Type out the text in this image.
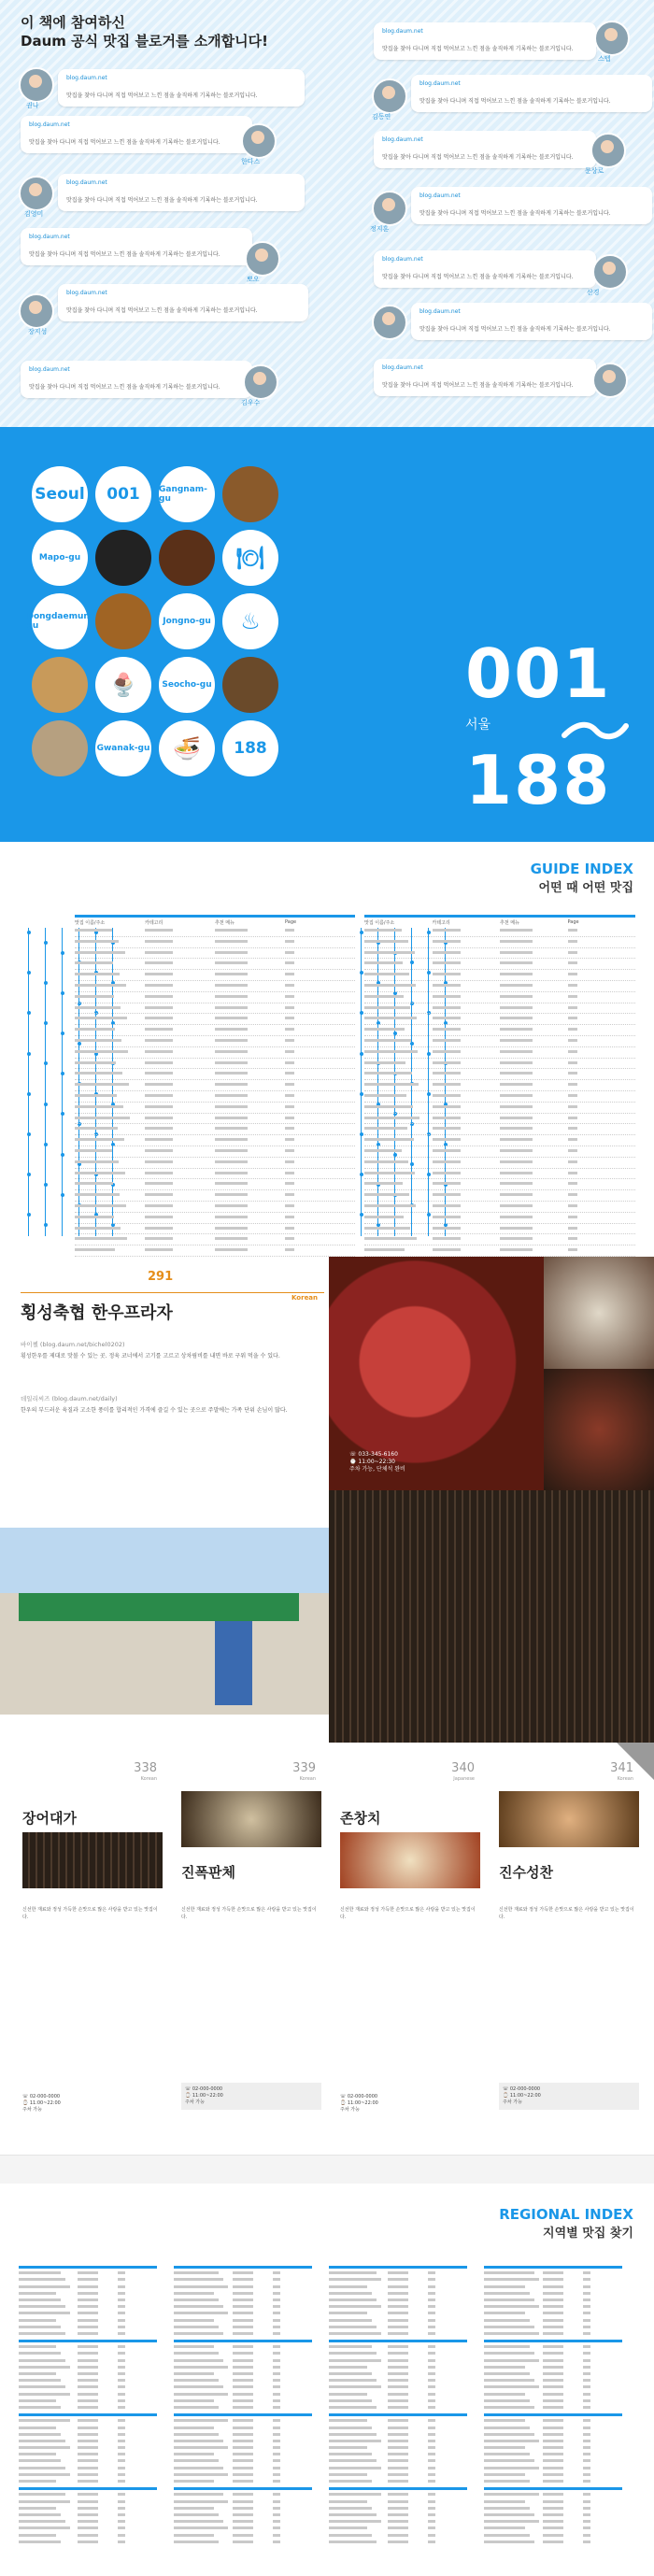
이 책에 참여하신
Daum 공식 맛집 블로거를 소개합니다!
권나
blog.daum.net
맛집을 찾아 다니며 직접 먹어보고 느낀 점을 솔직하게 기록하는 블로거입니다.
blog.daum.net
맛집을 찾아 다니며 직접 먹어보고 느낀 점을 솔직하게 기록하는 블로거입니다.
한다스
김영미
blog.daum.net
맛집을 찾아 다니며 직접 먹어보고 느낀 점을 솔직하게 기록하는 블로거입니다.
blog.daum.net
맛집을 찾아 다니며 직접 먹어보고 느낀 점을 솔직하게 기록하는 블로거입니다.
뽀오
장지성
blog.daum.net
맛집을 찾아 다니며 직접 먹어보고 느낀 점을 솔직하게 기록하는 블로거입니다.
blog.daum.net
맛집을 찾아 다니며 직접 먹어보고 느낀 점을 솔직하게 기록하는 블로거입니다.
김우수
blog.daum.net
맛집을 찾아 다니며 직접 먹어보고 느낀 점을 솔직하게 기록하는 블로거입니다.
스텝
김동연
blog.daum.net
맛집을 찾아 다니며 직접 먹어보고 느낀 점을 솔직하게 기록하는 블로거입니다.
blog.daum.net
맛집을 찾아 다니며 직접 먹어보고 느낀 점을 솔직하게 기록하는 블로거입니다.
문상로
정지훈
blog.daum.net
맛집을 찾아 다니며 직접 먹어보고 느낀 점을 솔직하게 기록하는 블로거입니다.
blog.daum.net
맛집을 찾아 다니며 직접 먹어보고 느낀 점을 솔직하게 기록하는 블로거입니다.
산경
blog.daum.net
맛집을 찾아 다니며 직접 먹어보고 느낀 점을 솔직하게 기록하는 블로거입니다.
blog.daum.net
맛집을 찾아 다니며 직접 먹어보고 느낀 점을 솔직하게 기록하는 블로거입니다.
Seoul	001	Gangnam-gu
Mapo-gu	🍽
Dongdaemun-gu	Jongno-gu ♨
🍨	Seocho-gu
Gwanak-gu 🍜	188
001
서울
188
GUIDE INDEX
어떤 때 어떤 맛집
맛집 이름/주소	카테고리	추천 메뉴	Page	맛집 이름/주소	카테고리	추천 메뉴	Page
291
Korean
횡성축협 한우프라자
바이첼 (blog.daum.net/bichel0202)
횡성한우를 제대로 맛볼 수 있는 곳. 정육 코너에서 고기를 고르고 상차림비를 내면 바로 구워 먹을 수 있다.
데일리씨즈 (blog.daum.net/daily)
한우의 부드러운 육질과 고소한 풍미를 합리적인 가격에 즐길 수 있는 곳으로 주말에는 가족 단위 손님이 많다.
☏ 033-345-6160
⌚ 11:00~22:30
주차 가능, 단체석 완비
338
Korean
장어대가
신선한 재료와 정성 가득한 손맛으로 많은 사랑을 받고 있는 맛집이다.
☏ 02-000-0000
⌚ 11:00~22:00
주차 가능
339
Korean
진폭판체
신선한 재료와 정성 가득한 손맛으로 많은 사랑을 받고 있는 맛집이다.
☏ 02-000-0000
⌚ 11:00~22:00
주차 가능
340
Japanese
존창치
신선한 재료와 정성 가득한 손맛으로 많은 사랑을 받고 있는 맛집이다.
☏ 02-000-0000
⌚ 11:00~22:00
주차 가능
341
Korean
진수성찬
신선한 재료와 정성 가득한 손맛으로 많은 사랑을 받고 있는 맛집이다.
☏ 02-000-0000
⌚ 11:00~22:00
주차 가능
REGIONAL INDEX
지역별 맛집 찾기
